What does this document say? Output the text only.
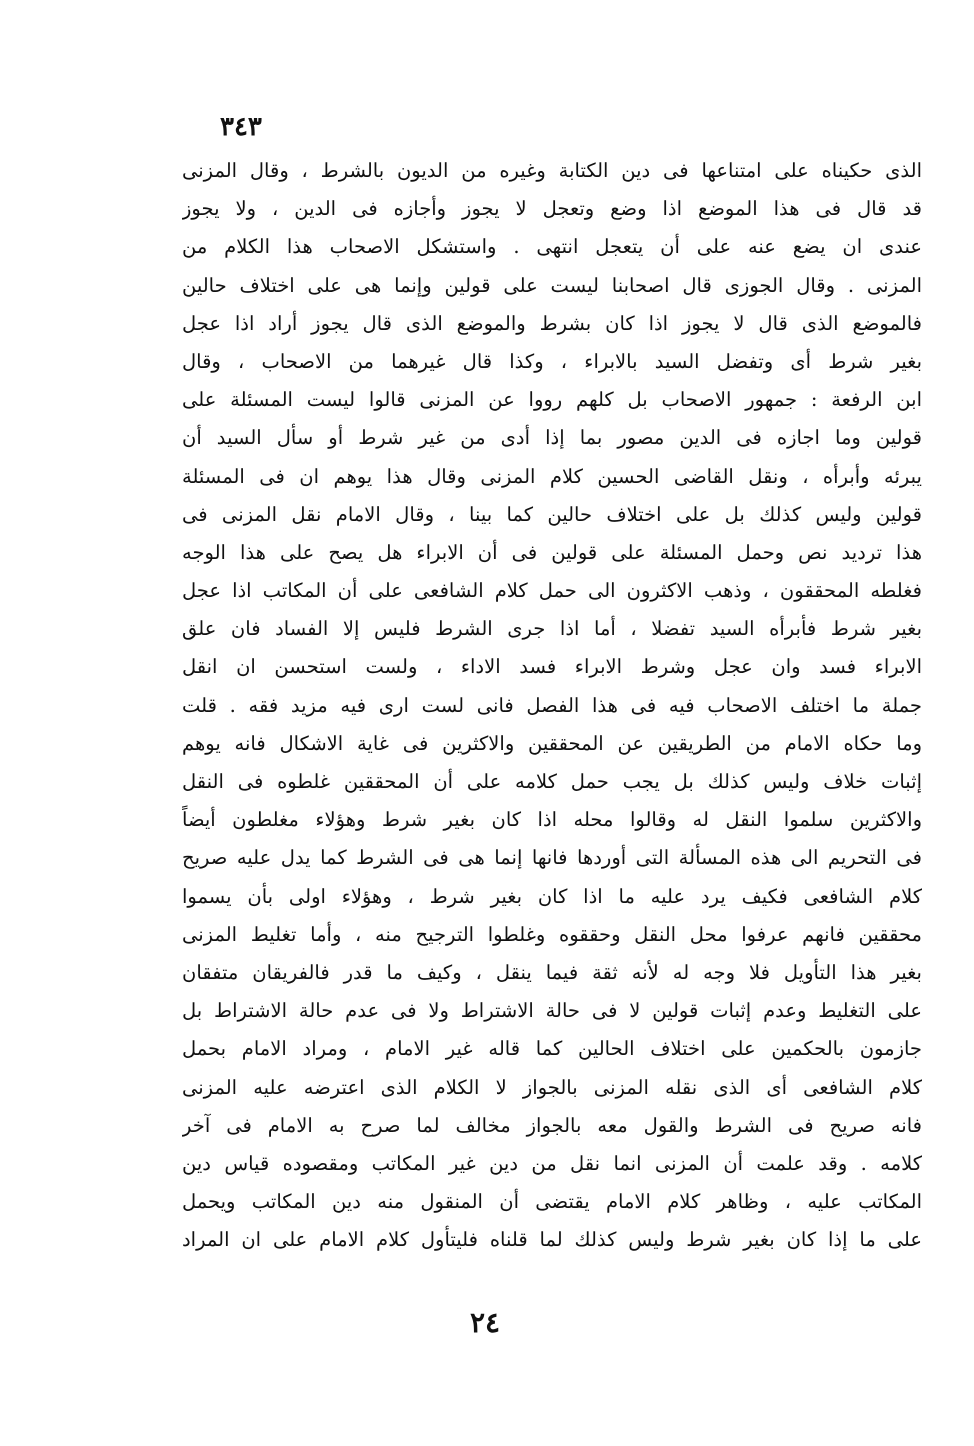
٣٤٣
الذى حكيناه على امتناعها فى دين الكتابة وغيره من الديون بالشرط ، وقال المزنى
قد قال فى هذا الموضع اذا وضع وتعجل لا يجوز وأجازه فى الدين ، ولا يجوز
عندى ان يضع عنه على أن يتعجل انتهى . واستشكل الاصحاب هذا الكلام من
المزنى . وقال الجوزى قال اصحابنا ليست على قولين وإنما هى على اختلاف حالين
فالموضع الذى قال لا يجوز اذا كان بشرط والموضع الذى قال يجوز أراد اذا عجل
بغير شرط أى وتفضل السيد بالابراء ، وكذا قال غيرهما من الاصحاب ، وقال
ابن الرفعة : جمهور الاصحاب بل كلهم رووا عن المزنى قالوا ليست المسئلة على
قولين وما اجازه فى الدين مصور بما إذا أدى من غير شرط أو سأل السيد أن
يبرئه وأبرأه ، ونقل القاضى الحسين كلام المزنى وقال هذا يوهم ان فى المسئلة
قولين وليس كذلك بل على اختلاف حالين كما بينا ، وقال الامام نقل المزنى فى
هذا ترديد نص وحمل المسئلة على قولين فى أن الابراء هل يصح على هذا الوجه
فغلطه المحققون ، وذهب الاكثرون الى حمل كلام الشافعى على أن المكاتب اذا عجل
بغير شرط فأبرأه السيد تفضلا ، أما اذا جرى الشرط فليس إلا الفساد فان علق
الابراء فسد وان عجل وشرط الابراء فسد الاداء ، ولست استحسن ان انقل
جملة ما اختلف الاصحاب فيه فى هذا الفصل فانى لست ارى فيه مزيد فقه . قلت
وما حكاه الامام من الطريقين عن المحققين والاكثرين فى غاية الاشكال فانه يوهم
إثبات خلاف وليس كذلك بل يجب حمل كلامه على أن المحققين غلطوه فى النقل
والاكثرين سلموا النقل له وقالوا محله اذا كان بغير شرط وهؤلاء مغلطون أيضاً
فى التحريم الى هذه المسألة التى أوردها فانها إنما هى فى الشرط كما يدل عليه صريح
كلام الشافعى فكيف يرد عليه ما اذا كان بغير شرط ، وهؤلاء اولى بأن يسموا
محققين فانهم عرفوا محل النقل وحققوه وغلطوا الترجيح منه ، وأما تغليط المزنى
بغير هذا التأويل فلا وجه له لأنه ثقة فيما ينقل ، وكيف ما قدر فالفريقان متفقان
على التغليط وعدم إثبات قولين لا فى حالة الاشتراط ولا فى عدم حالة الاشتراط بل
جازمون بالحكمين على اختلاف الحالين كما قاله غير الامام ، ومراد الامام بحمل
كلام الشافعى أى الذى نقله المزنى بالجواز لا الكلام الذى اعترضه عليه المزنى
فانه صريح فى الشرط والقول معه بالجواز مخالف لما صرح به الامام فى آخر
كلامه . وقد علمت أن المزنى انما نقل من دين غير المكاتب ومقصوده قياس دين
المكاتب عليه ، وظاهر كلام الامام يقتضى أن المنقول منه دين المكاتب ويحمل
على ما إذا كان بغير شرط وليس كذلك لما قلناه فليتأول كلام الامام على ان المراد
٢٤
